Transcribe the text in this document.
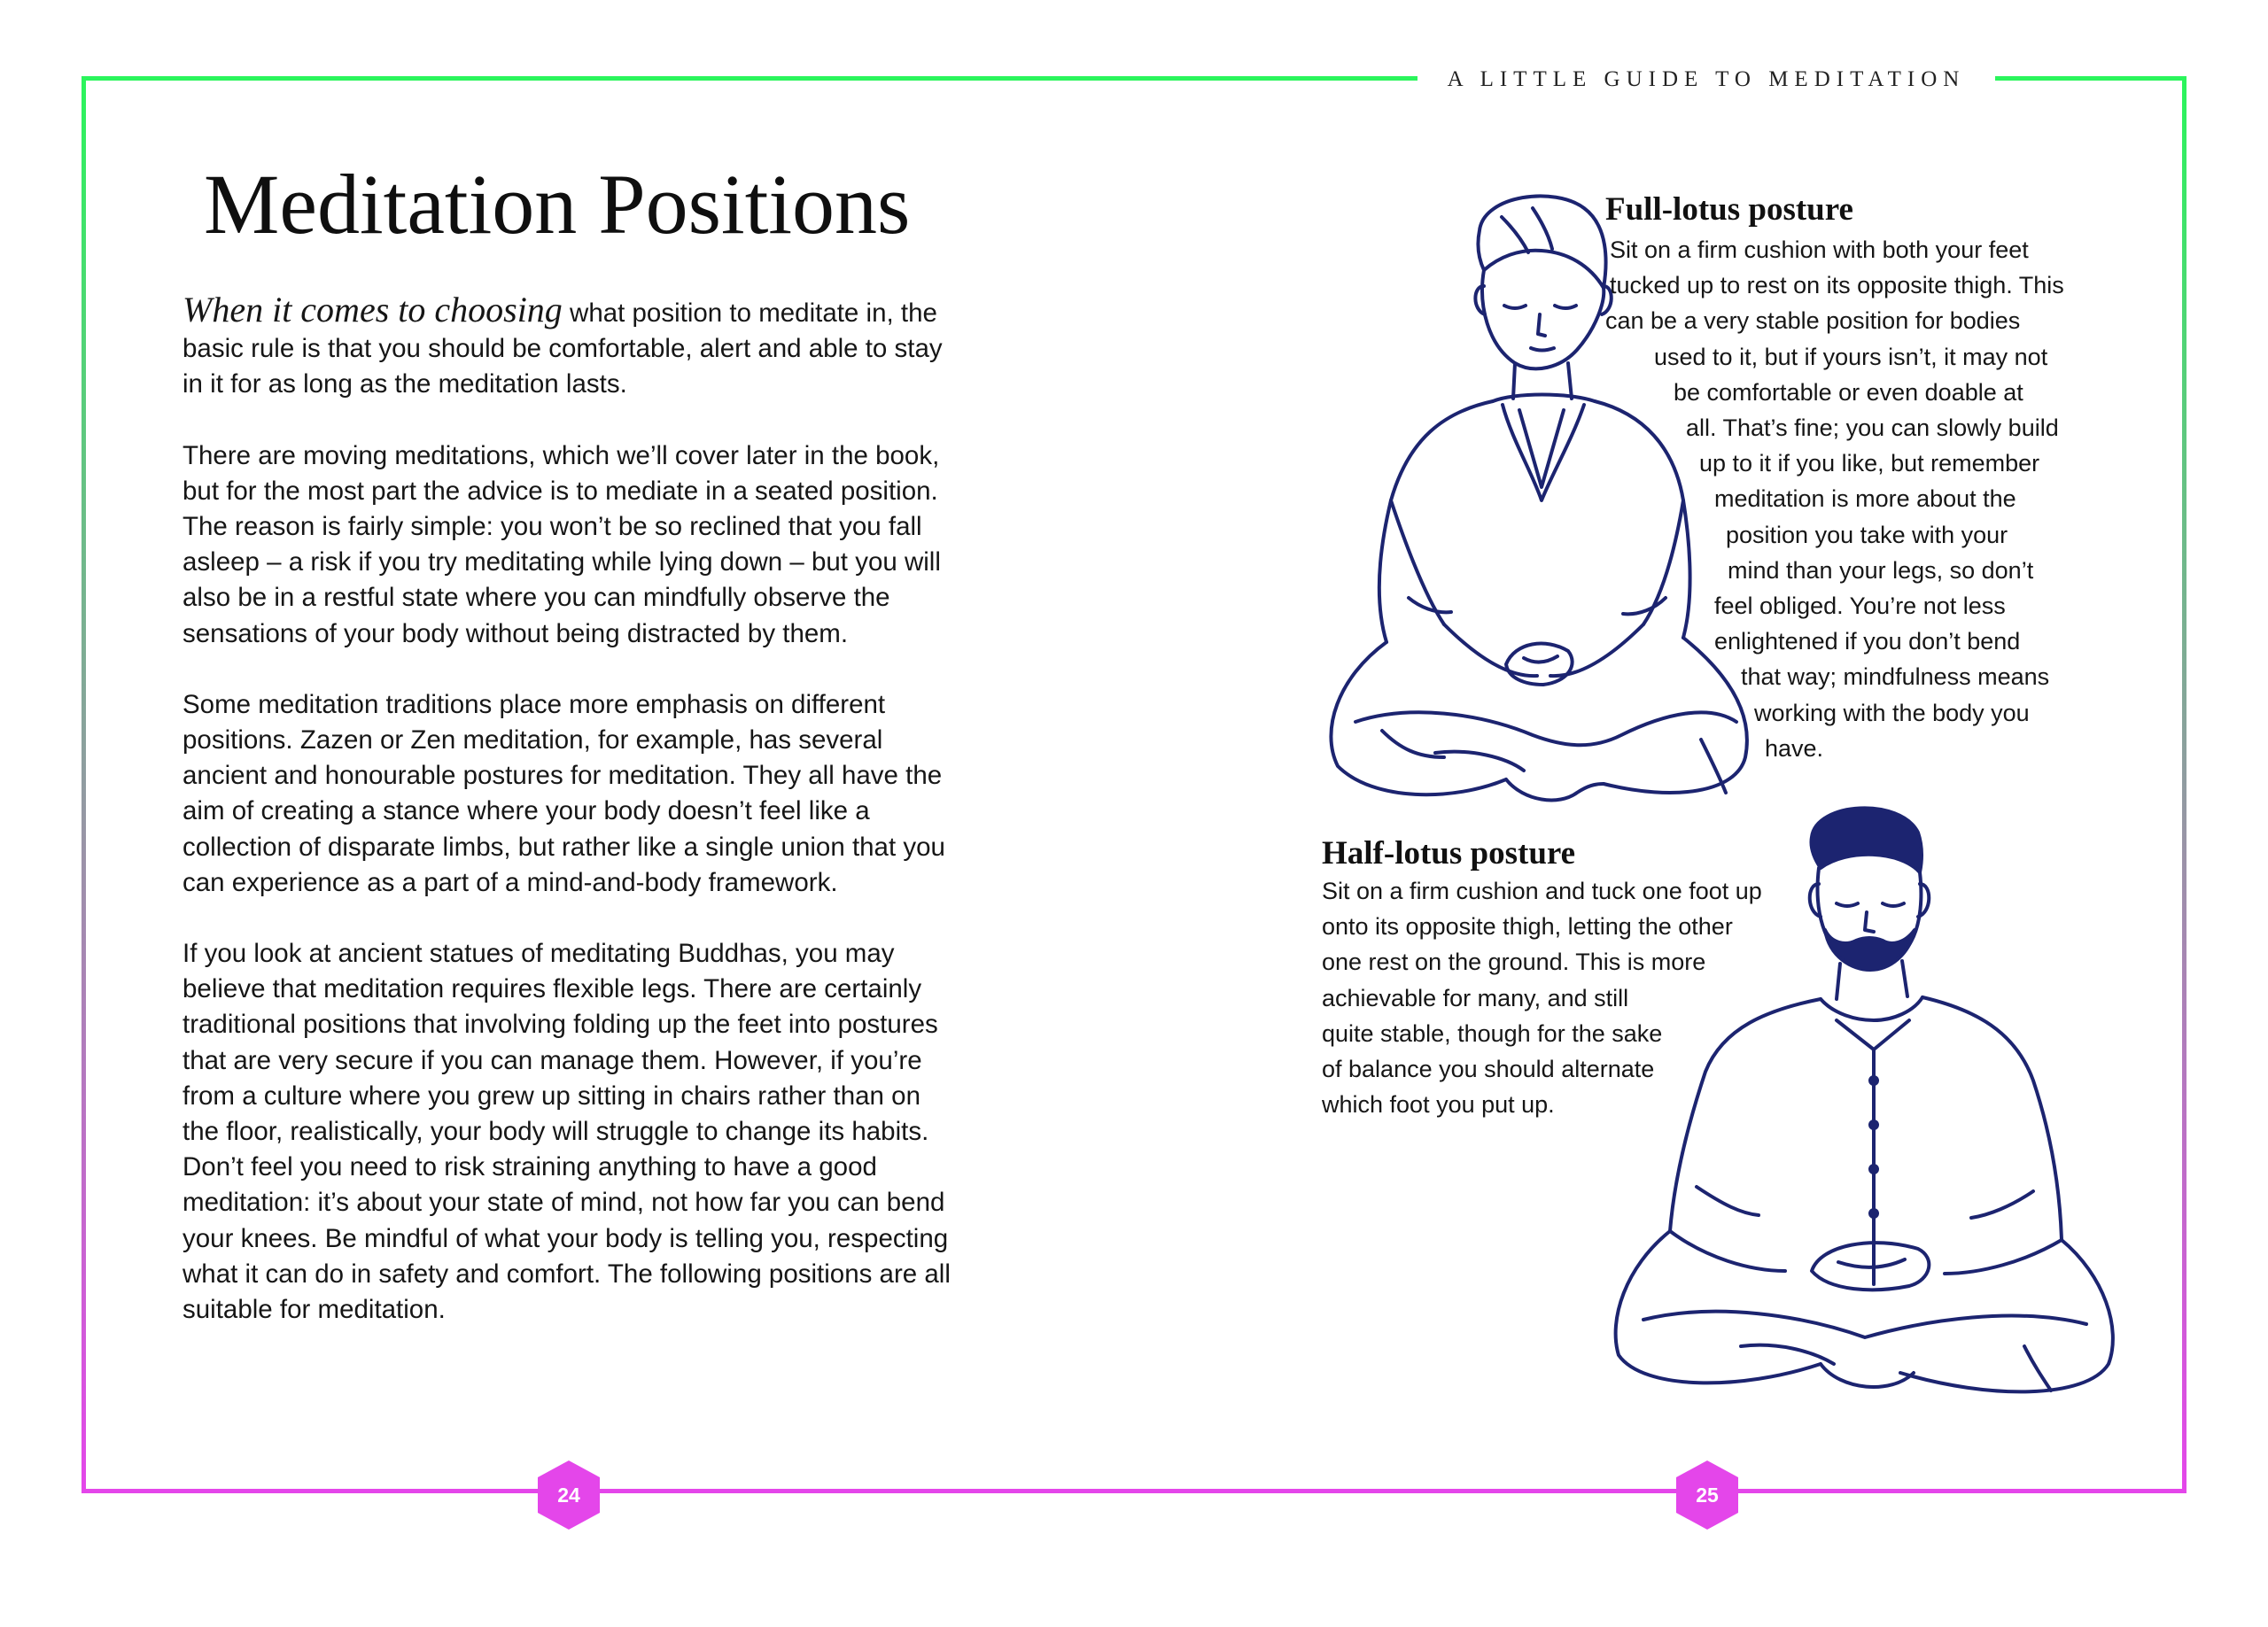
A LITTLE GUIDE TO MEDITATION
Meditation Positions

When it comes to choosing what position to meditate in, the basic rule is that you should be comfortable, alert and able to stay in it for as long as the meditation lasts.

There are moving meditations, which we’ll cover later in the book, but for the most part the advice is to mediate in a seated position. The reason is fairly simple: you won’t be so reclined that you fall asleep – a risk if you try meditating while lying down – but you will also be in a restful state where you can mindfully observe the sensations of your body without being distracted by them.

Some meditation traditions place more emphasis on different positions. Zazen or Zen meditation, for example, has several ancient and honourable postures for meditation. They all have the aim of creating a stance where your body doesn’t feel like a collection of disparate limbs, but rather like a single union that you can experience as a part of a mind-and-body framework.

If you look at ancient statues of meditating Buddhas, you may believe that meditation requires flexible legs. There are certainly traditional positions that involving folding up the feet into postures that are very secure if you can manage them. However, if you’re from a culture where you grew up sitting in chairs rather than on the floor, realistically, your body will struggle to change its habits. Don’t feel you need to risk straining anything to have a good meditation: it’s about your state of mind, not how far you can bend your knees. Be mindful of what your body is telling you, respecting what it can do in safety and comfort. The following positions are all suitable for meditation.

Full-lotus posture
Sit on a firm cushion with both your feet
tucked up to rest on its opposite thigh. This
can be a very stable position for bodies
used to it, but if yours isn’t, it may not
be comfortable or even doable at
all. That’s fine; you can slowly build
up to it if you like, but remember
meditation is more about the
position you take with your
mind than your legs, so don’t
feel obliged. You’re not less
enlightened if you don’t bend
that way; mindfulness means
working with the body you
have.
Half-lotus posture
Sit on a firm cushion and tuck one foot up
onto its opposite thigh, letting the other
one rest on the ground. This is more
achievable for many, and still
quite stable, though for the sake
of balance you should alternate
which foot you put up.
24	25
